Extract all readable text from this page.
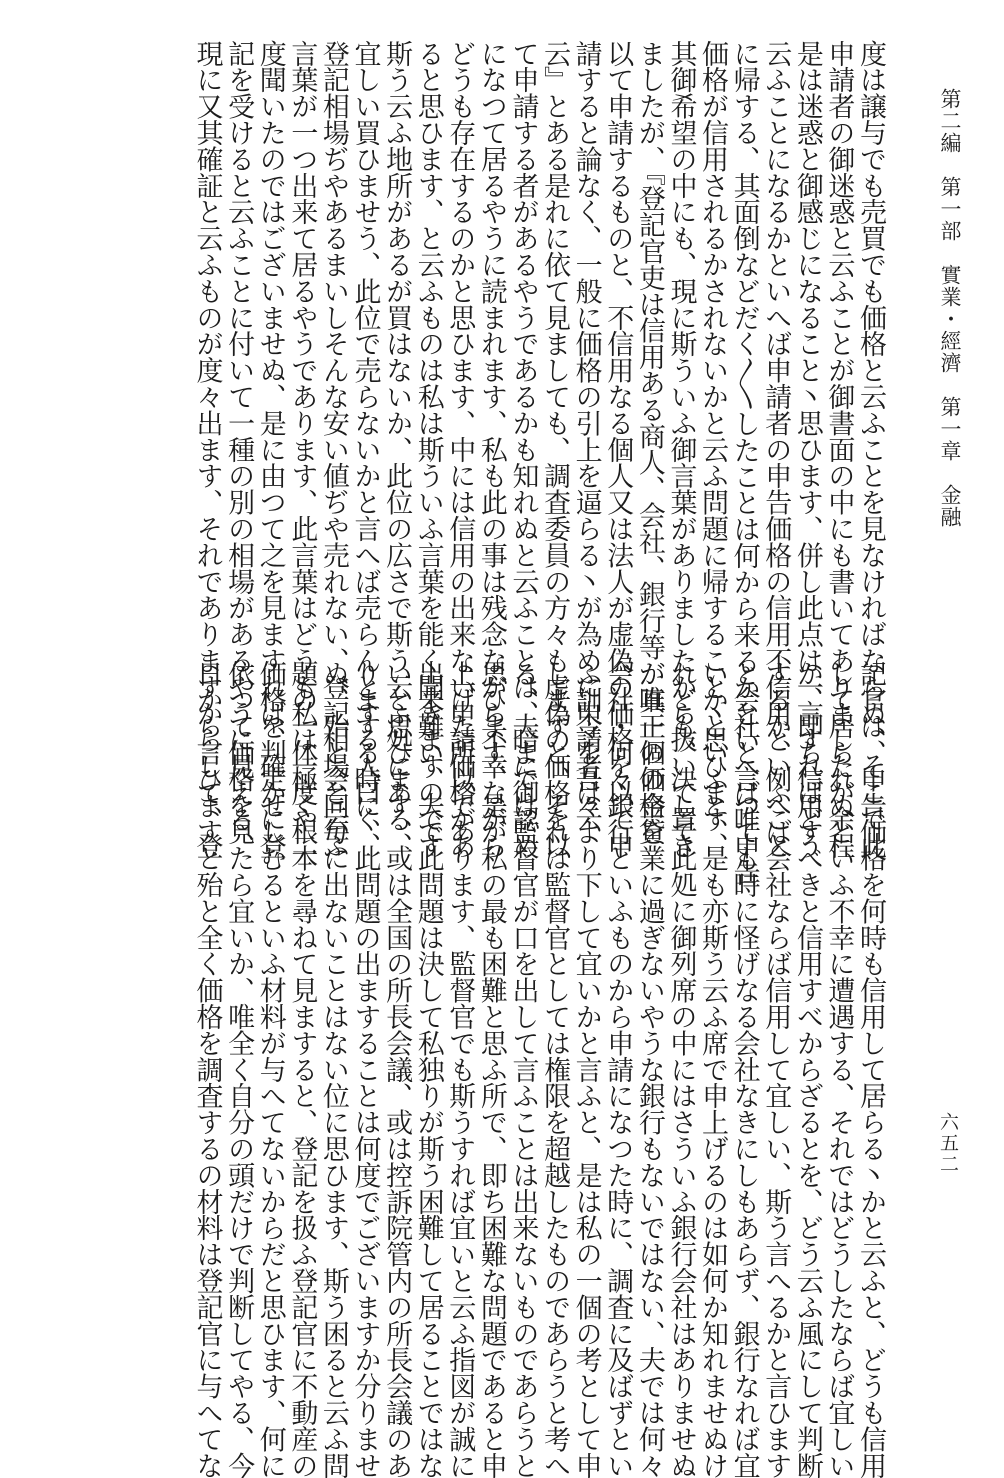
第二編　第一部　實業・經濟　第一章　金融
六五二
度は譲与でも売買でも価格と云ふことを見なければならぬ、そこで此
申請者の御迷惑と云ふことが御書面の中にも書いてありましたが余程
是は迷惑と御感じになること丶思ひます、併し此点は一言すればどう
云ふことになるかといへば申請者の申告価格の信用不信用といふこと
に帰する、其面倒などだく〳〵したことは何から来るかといへば唯申告
価格が信用されるかされないかと云ふ問題に帰すること丶思ひます、
其御希望の中にも、現に斯ういふ御言葉がありましたから抜いて置き
ましたが、『登記官吏は信用ある商人、会社、銀行等が真正の価格を
以て申請するものと、不信用なる個人又は法人が虚偽の価格を以て申
請すると論なく、一般に価格の引上を逼らる丶が為めに申請者は云
云』とある是れに依て見ましても、調査委員の方々も虚偽の価格を以
て申請する者があるやうであるかも知れぬと云ふことは、暗に御認め
になつて居るやうに読まれます、私も此の事は残念ながら不幸ながら
どうも存在するのかと思ひます、中には信用の出来ない申請価格があ
ると思ひます、と云ふものは私は斯ういふ言葉を能く聞きますのです
斯う云ふ地所があるが買はないか、此位の広さで斯う云ふ処にある、
宜しい買ひませう、此位で売らないかと言へば売らんとする人曰く、
登記相場ぢやあるまいしそんな安い値ぢや売れない、登記相場と云ふ
言葉が一つ出来て居るやうであります、此言葉はどうも私は一度や二
度聞いたのではございませぬ、是に由つて之を見ますれば、確かに登
記を受けると云ふことに付いて一種の別の相場があるやうに見える、
現に又其確証と云ふものが度々出ます、それでありますからして、登
記官は、申告価格を何時も信用して居らる丶かと云ふと、どうも信用
して居られぬといふ不幸に遭遇する、それではどうしたならば宜しい
か、即ち信用すべきと信用すべからざるとを、どう云ふ風にして判断
するか、例へば会社ならば信用して宜しい、斯う言へるかと言ひます
と会社と言つても時に怪げなる会社なきにしもあらず、銀行なれば宜
いかといふと、是も亦斯う云ふ席で申上げるのは如何か知れませぬけ
れども、決して此処に御列席の中にはさういふ銀行会社はありませぬ
が唯一個の金貸業に過ぎないやうな銀行もないではない、夫では何々
会社・何々銀行といふものから申請になつた時に、調査に及ばずとい
ふ訓令を吾々より下して宜いかと言ふと、是は私の一個の考として申
しますと、それは監督官としては権限を超越したものであらうと考へ
る、夫までは監督官が口を出して言ふことは出来ないものであらうと
思ひます、是が私の最も困難と思ふ所で、即ち困難な問題であると申
上げた所以であります、監督官でも斯うすれば宜いと云ふ指図が誠に
出来難い、夫で此問題は決して私独りが斯う困難して居ることではな
いと思ひます、或は全国の所長会議、或は控訴院管内の所長会議のあ
りまする時に、此問題の出ますることは何度でございますか分りませ
ぬ、殆と会同毎に出ないことはない位に思ひます、斯う困ると云ふ問
題の一体極く根本を尋ねて見ますると、登記を扱ふ登記官に不動産の
価格を判定せしむるといふ材料が与へてないからだと思ひます、何に
依つて価格を見たら宜いか、唯全く自分の頭だけで判断してやる、今
日から言ひますと殆と全く価格を調査するの材料は登記官に与へてな
